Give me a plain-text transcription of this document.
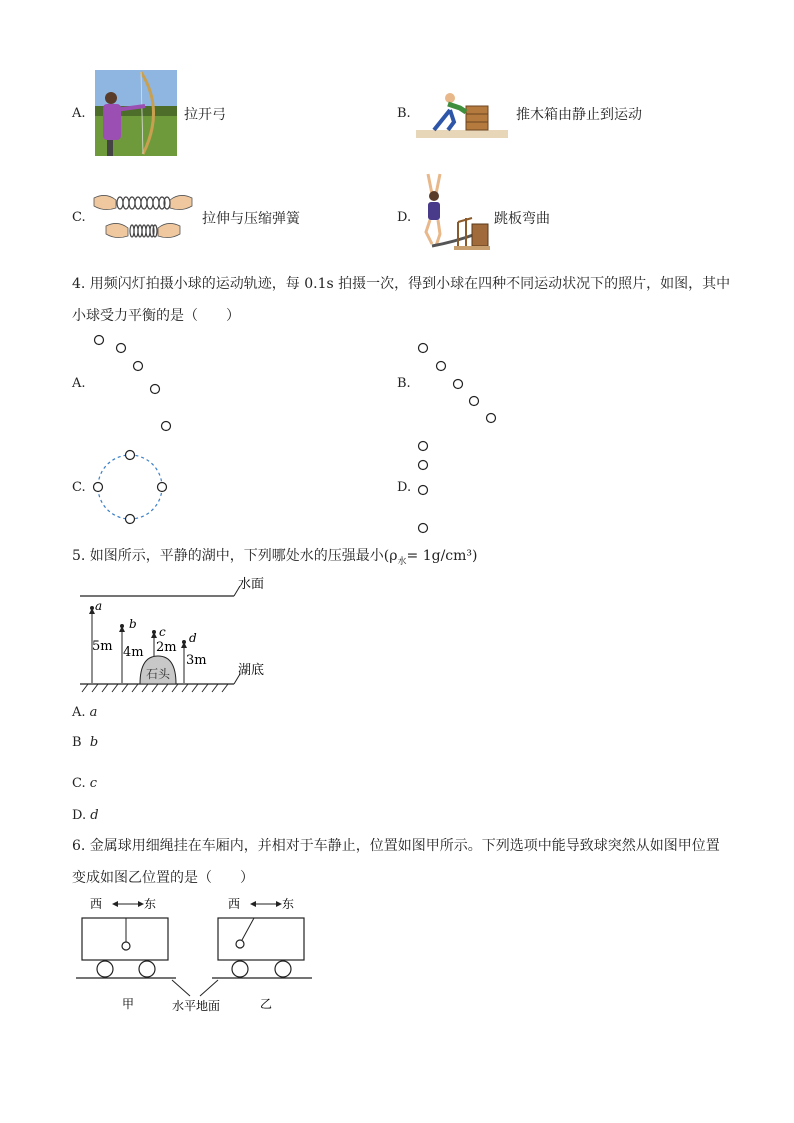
A.	拉开弓	B.	推木箱由静止到运动
C.	拉伸与压缩弹簧	D.	跳板弯曲
4. 用频闪灯拍摄小球的运动轨迹，每 0.1s 拍摄一次，得到小球在四种不同运动状况下的照片，如图，其中
小球受力平衡的是（　　）
A.	B.
C.	D.
5. 如图所示，平静的湖中，下列哪处水的压强最小$(\rho_水= 1g/cm^3)$
水面
湖底
石头
a
5m
b
4m
c
2m
d
3m
A. a
B b
C. c
D. d
6. 金属球用细绳挂在车厢内，并相对于车静止，位置如图甲所示。下列选项中能导致球突然从如图甲位置
变成如图乙位置的是（　　）
西	东	西	东
甲	水平地面	乙
